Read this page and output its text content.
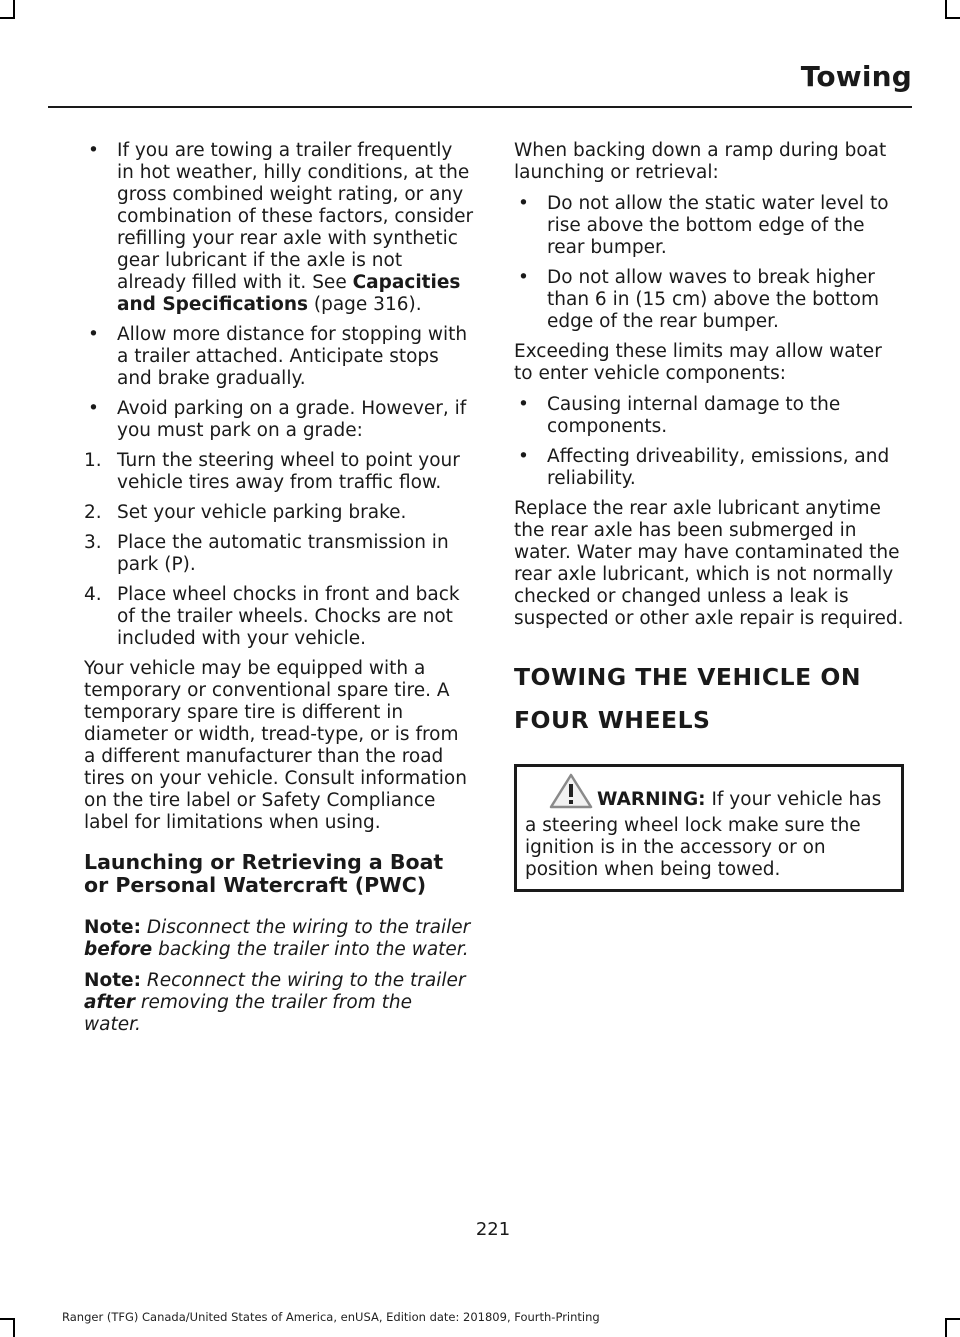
Towing
• If you are towing a trailer frequently in hot weather, hilly conditions, at the gross combined weight rating, or any combination of these factors, consider refilling your rear axle with synthetic gear lubricant if the axle is not already filled with it. See Capacities and Specifications (page 316).
• Allow more distance for stopping with a trailer attached. Anticipate stops and brake gradually.
• Avoid parking on a grade. However, if you must park on a grade:
1. Turn the steering wheel to point your vehicle tires away from traffic flow.
2. Set your vehicle parking brake.
3. Place the automatic transmission in park (P).
4. Place wheel chocks in front and back of the trailer wheels. Chocks are not included with your vehicle.

Your vehicle may be equipped with a temporary or conventional spare tire. A temporary spare tire is different in diameter or width, tread-type, or is from a different manufacturer than the road tires on your vehicle. Consult information on the tire label or Safety Compliance label for limitations when using.

Launching or Retrieving a Boat or Personal Watercraft (PWC)

Note: Disconnect the wiring to the trailer before backing the trailer into the water.

Note: Reconnect the wiring to the trailer after removing the trailer from the water.

When backing down a ramp during boat launching or retrieval:

• Do not allow the static water level to rise above the bottom edge of the rear bumper.
• Do not allow waves to break higher than 6 in (15 cm) above the bottom edge of the rear bumper.

Exceeding these limits may allow water to enter vehicle components:

• Causing internal damage to the components.
• Affecting driveability, emissions, and reliability.

Replace the rear axle lubricant anytime the rear axle has been submerged in water. Water may have contaminated the rear axle lubricant, which is not normally checked or changed unless a leak is suspected or other axle repair is required.

TOWING THE VEHICLE ON
FOUR WHEELS
WARNING: If your vehicle has a steering wheel lock make sure the ignition is in the accessory or on position when being towed.
221
Ranger (TFG) Canada/United States of America, enUSA, Edition date: 201809, Fourth-Printing
